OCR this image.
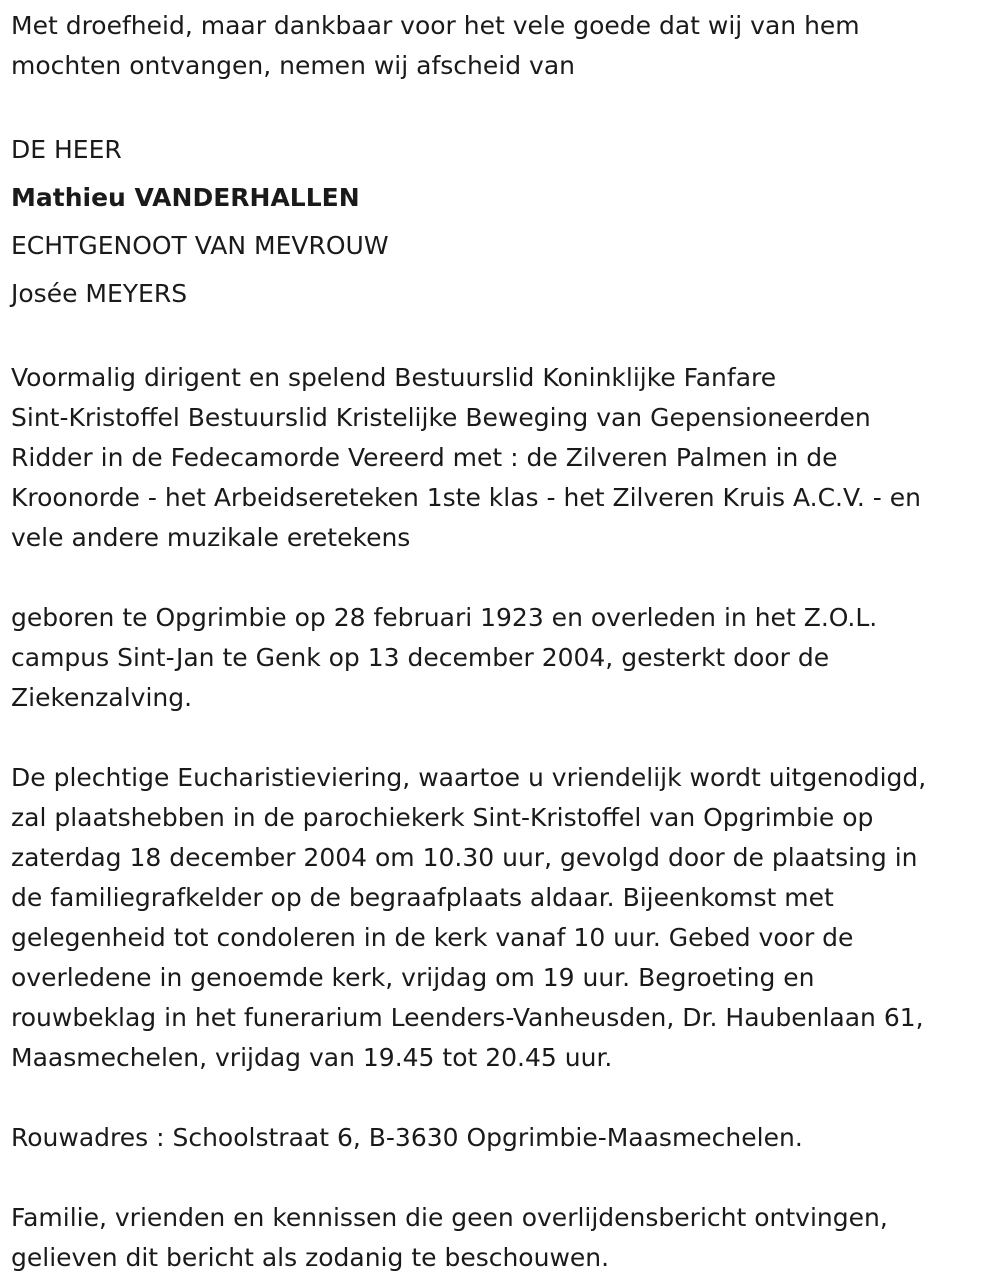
Met droefheid, maar dankbaar voor het vele goede dat wij van hem
mochten ontvangen, nemen wij afscheid van
DE HEER
Mathieu VANDERHALLEN
ECHTGENOOT VAN MEVROUW
Josée MEYERS
Voormalig dirigent en spelend Bestuurslid Koninklijke Fanfare
Sint-Kristoffel Bestuurslid Kristelijke Beweging van Gepensioneerden
Ridder in de Fedecamorde Vereerd met : de Zilveren Palmen in de
Kroonorde - het Arbeidsereteken 1ste klas - het Zilveren Kruis A.C.V. - en
vele andere muzikale eretekens
geboren te Opgrimbie op 28 februari 1923 en overleden in het Z.O.L.
campus Sint-Jan te Genk op 13 december 2004, gesterkt door de
Ziekenzalving.
De plechtige Eucharistieviering, waartoe u vriendelijk wordt uitgenodigd,
zal plaatshebben in de parochiekerk Sint-Kristoffel van Opgrimbie op
zaterdag 18 december 2004 om 10.30 uur, gevolgd door de plaatsing in
de familiegrafkelder op de begraafplaats aldaar. Bijeenkomst met
gelegenheid tot condoleren in de kerk vanaf 10 uur. Gebed voor de
overledene in genoemde kerk, vrijdag om 19 uur. Begroeting en
rouwbeklag in het funerarium Leenders-Vanheusden, Dr. Haubenlaan 61,
Maasmechelen, vrijdag van 19.45 tot 20.45 uur.
Rouwadres : Schoolstraat 6, B-3630 Opgrimbie-Maasmechelen.
Familie, vrienden en kennissen die geen overlijdensbericht ontvingen,
gelieven dit bericht als zodanig te beschouwen.
